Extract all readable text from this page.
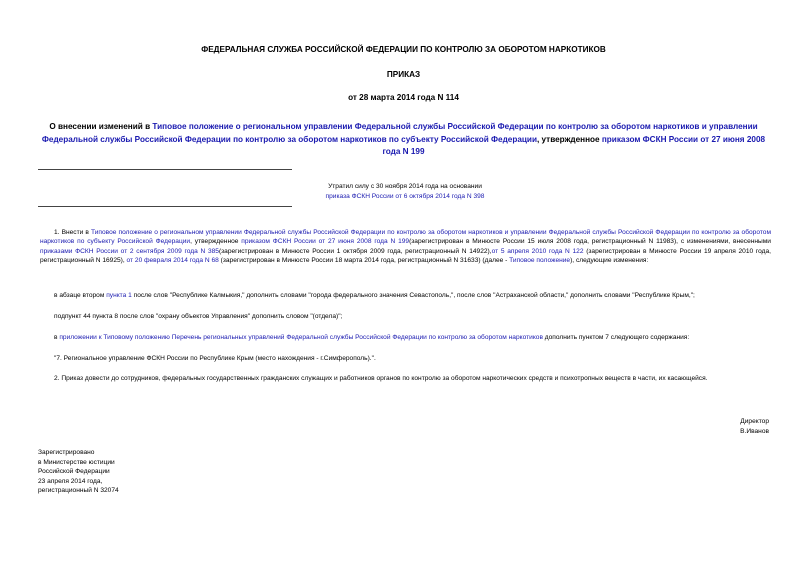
ФЕДЕРАЛЬНАЯ СЛУЖБА РОССИЙСКОЙ ФЕДЕРАЦИИ ПО КОНТРОЛЮ ЗА ОБОРОТОМ НАРКОТИКОВ
ПРИКАЗ
от 28 марта 2014 года N 114
О внесении изменений в Типовое положение о региональном управлении Федеральной службы Российской Федерации по контролю за оборотом наркотиков и управлении Федеральной службы Российской Федерации по контролю за оборотом наркотиков по субъекту Российской Федерации, утвержденное приказом ФСКН России от 27 июня 2008 года N 199
Утратил силу с 30 ноября 2014 года на основании
приказа ФСКН России от 6 октября 2014 года N 398
1. Внести в Типовое положение о региональном управлении Федеральной службы Российской Федерации по контролю за оборотом наркотиков и управлении Федеральной службы Российской Федерации по контролю за оборотом наркотиков по субъекту Российской Федерации, утвержденное приказом ФСКН России от 27 июня 2008 года N 199(зарегистрирован в Минюсте России 15 июля 2008 года, регистрационный N 11983), с изменениями, внесенными приказами ФСКН России от 2 сентября 2009 года N 385(зарегистрирован в Минюсте России 1 октября 2009 года, регистрационный N 14922),от 5 апреля 2010 года N 122 (зарегистрирован в Минюсте России 19 апреля 2010 года, регистрационный N 16925), от 20 февраля 2014 года N 68 (зарегистрирован в Минюсте России 18 марта 2014 года, регистрационный N 31633) (далее - Типовое положение), следующие изменения:
в абзаце втором пункта 1 после слов "Республике Калмыкия," дополнить словами "города федерального значения Севастополь,", после слов "Астраханской области," дополнить словами "Республике Крым,";
подпункт 44 пункта 8 после слов "охрану объектов Управления" дополнить словом "(отдела)";
в приложении к Типовому положению Перечень региональных управлений Федеральной службы Российской Федерации по контролю за оборотом наркотиков дополнить пунктом 7 следующего содержания:
"7. Региональное управление ФСКН России по Республике Крым (место нахождения - г.Симферополь).".
2. Приказ довести до сотрудников, федеральных государственных гражданских служащих и работников органов по контролю за оборотом наркотических средств и психотропных веществ в части, их касающейся.
Директор
В.Иванов
Зарегистрировано
в Министерстве юстиции
Российской Федерации
23 апреля 2014 года,
регистрационный N 32074
